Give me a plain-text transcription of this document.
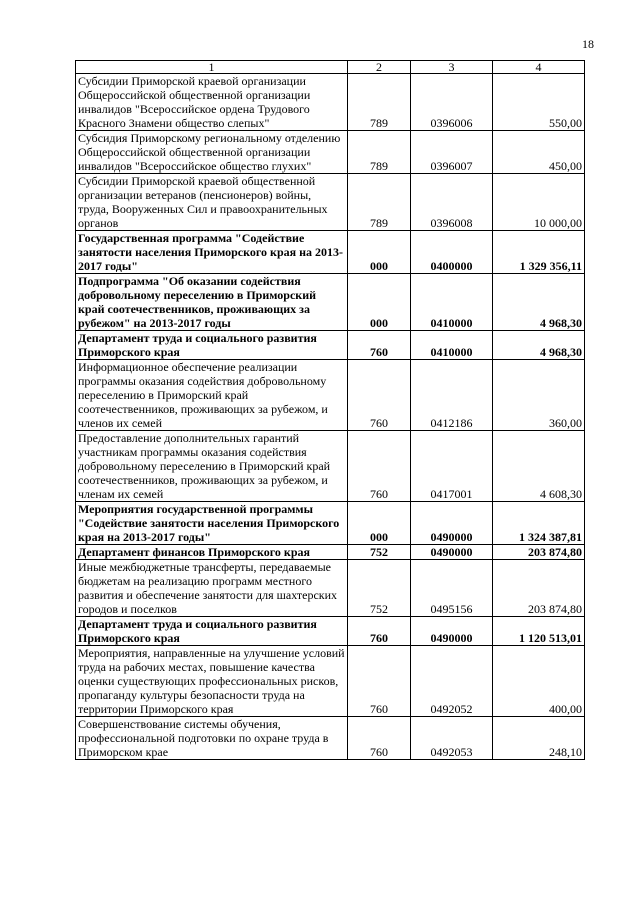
18
1	2	3	4
Субсидии Приморской краевой организации Общероссийской общественной организации инвалидов "Всероссийское ордена Трудового Красного Знамени общество слепых"	789	0396006	550,00
Субсидия Приморскому региональному отделению Общероссийской общественной организации инвалидов "Всероссийское общество глухих"	789	0396007	450,00
Субсидии Приморской краевой общественной организации ветеранов (пенсионеров) войны, труда, Вооруженных Сил и правоохранительных органов	789	0396008	10 000,00
Государственная программа "Содействие занятости населения Приморского края на 2013-2017 годы"	000	0400000	1 329 356,11
Подпрограмма "Об оказании содействия добровольному переселению в Приморский край соотечественников, проживающих за рубежом" на 2013-2017 годы	000	0410000	4 968,30
Департамент труда и социального развития Приморского края	760	0410000	4 968,30
Информационное обеспечение реализации программы оказания содействия добровольному переселению в Приморский край соотечественников, проживающих за рубежом, и членов их семей	760	0412186	360,00
Предоставление дополнительных гарантий участникам программы оказания содействия добровольному переселению в Приморский край соотечественников, проживающих за рубежом, и членам их семей	760	0417001	4 608,30
Мероприятия государственной программы "Содействие занятости населения Приморского края на 2013-2017 годы"	000	0490000	1 324 387,81
Департамент финансов Приморского края	752	0490000	203 874,80
Иные межбюджетные трансферты, передаваемые бюджетам на реализацию программ местного развития и обеспечение занятости для шахтерских городов и поселков	752	0495156	203 874,80
Департамент труда и социального развития Приморского края	760	0490000	1 120 513,01
Мероприятия, направленные на улучшение условий труда на рабочих местах, повышение качества оценки существующих профессиональных рисков, пропаганду культуры безопасности труда на территории Приморского края	760	0492052	400,00
Совершенствование системы обучения, профессиональной подготовки по охране труда в Приморском крае	760	0492053	248,10
